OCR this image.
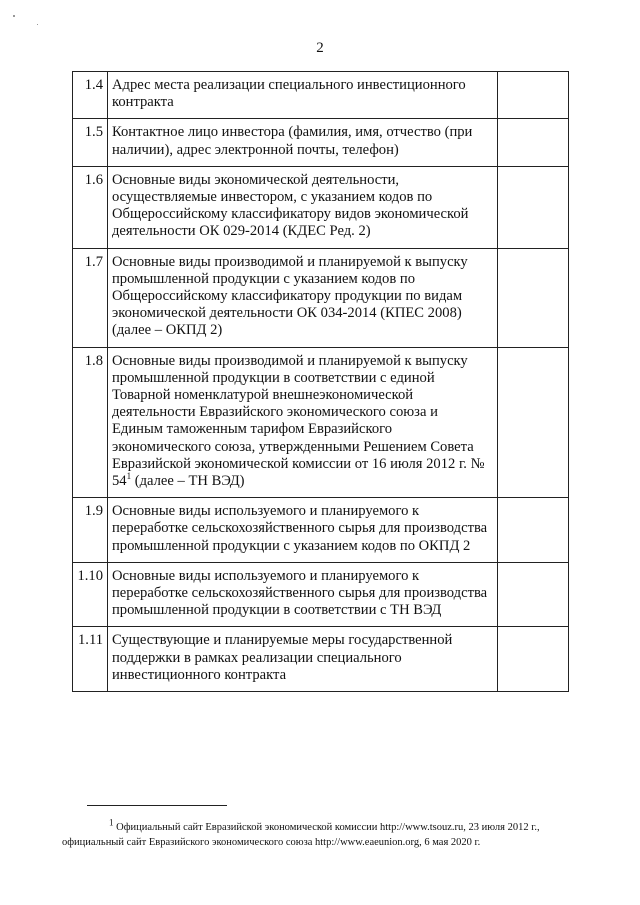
2
1.4	Адрес места реализации специального инвестиционного контракта	
1.5	Контактное лицо инвестора (фамилия, имя, отчество (при наличии), адрес электронной почты, телефон)	
1.6	Основные виды экономической деятельности, осуществляемые инвестором, с указанием кодов по Общероссийскому классификатору видов экономической деятельности ОК 029-2014 (КДЕС Ред. 2)	
1.7	Основные виды производимой и планируемой к выпуску промышленной продукции с указанием кодов по Общероссийскому классификатору продукции по видам экономической деятельности ОК 034-2014 (КПЕС 2008) (далее – ОКПД 2)	
1.8	Основные виды производимой и планируемой к выпуску промышленной продукции в соответствии с единой Товарной номенклатурой внешнеэкономической деятельности Евразийского экономического союза и Единым таможенным тарифом Евразийского экономического союза, утвержденными Решением Совета Евразийской экономической комиссии от 16 июля 2012 г. № $54^1$ (далее – ТН ВЭД)	
1.9	Основные виды используемого и планируемого к переработке сельскохозяйственного сырья для производства промышленной продукции с указанием кодов по ОКПД 2	
1.10	Основные виды используемого и планируемого к переработке сельскохозяйственного сырья для производства промышленной продукции в соответствии с ТН ВЭД	
1.11	Существующие и планируемые меры государственной поддержки в рамках реализации специального инвестиционного контракта	
$^1$ Официальный сайт Евразийской экономической комиссии http://www.tsouz.ru, 23 июля 2012 г.,
официальный сайт Евразийского экономического союза http://www.eaeunion.org, 6 мая 2020 г.
